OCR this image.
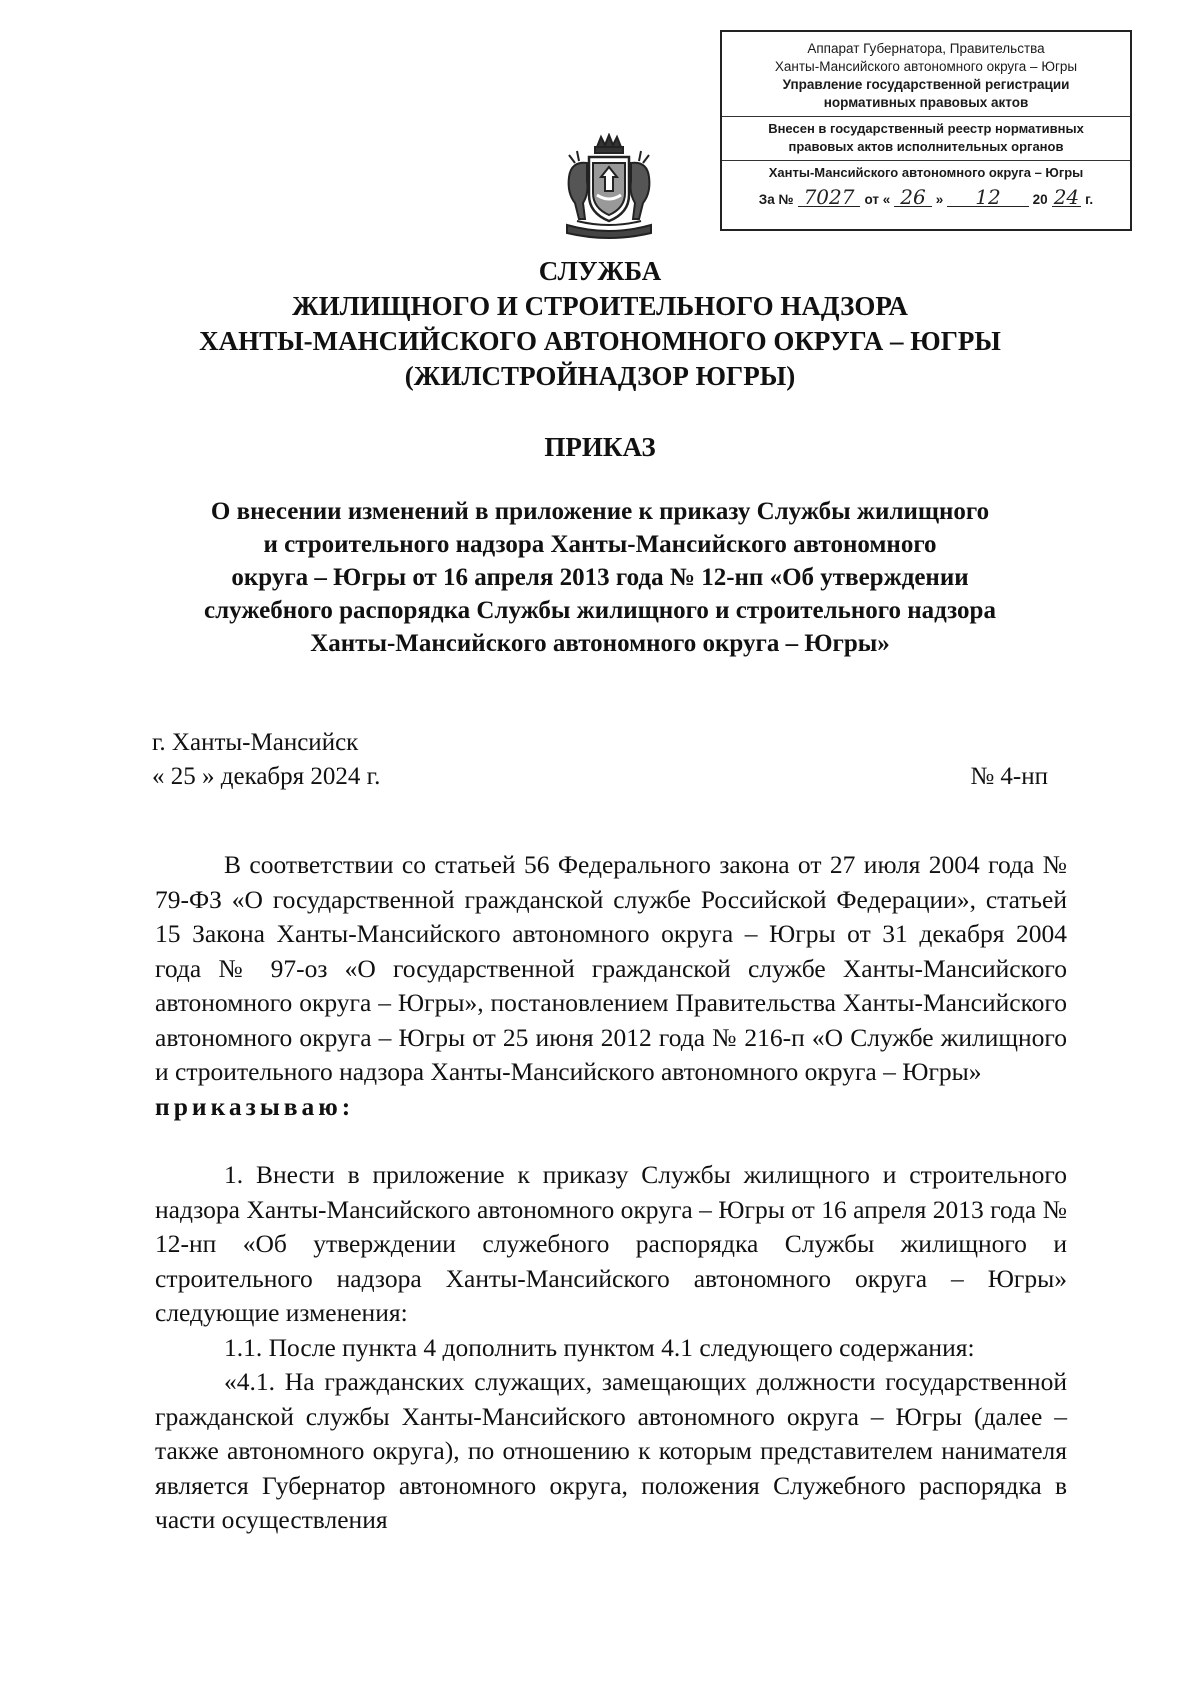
Аппарат Губернатора, Правительства
Ханты-Мансийского автономного округа – Югры
Управление государственной регистрации
нормативных правовых актов
Внесен в государственный реестр нормативных
правовых актов исполнительных органов
Ханты-Мансийского автономного округа – Югры
За № 7027 от « 26 »	12	20 24 г.
СЛУЖБА
ЖИЛИЩНОГО И СТРОИТЕЛЬНОГО НАДЗОРА
ХАНТЫ-МАНСИЙСКОГО АВТОНОМНОГО ОКРУГА – ЮГРЫ
(ЖИЛСТРОЙНАДЗОР ЮГРЫ)
ПРИКАЗ
О внесении изменений в приложение к приказу Службы жилищного
и строительного надзора Ханты-Мансийского автономного
округа – Югры от 16 апреля 2013 года № 12-нп «Об утверждении
служебного распорядка Службы жилищного и строительного надзора
Ханты-Мансийского автономного округа – Югры»
г. Ханты-Мансийск
« 25 » декабря 2024 г.	№ 4-нп

В соответствии со статьей 56 Федерального закона от 27 июля 2004 года № 79-ФЗ «О государственной гражданской службе Российской Федерации», статьей 15 Закона Ханты-Мансийского автономного округа – Югры от 31 декабря 2004 года № 97-оз «О государственной гражданской службе Ханты-Мансийского автономного округа – Югры», постановлением Правительства Ханты-Мансийского автономного округа – Югры от 25 июня 2012 года № 216-п «О Службе жилищного и строительного надзора Ханты-Мансийского автономного округа – Югры»

приказываю:

1. Внести в приложение к приказу Службы жилищного и строительного надзора Ханты-Мансийского автономного округа – Югры от 16 апреля 2013 года № 12-нп «Об утверждении служебного распорядка Службы жилищного и строительного надзора Ханты-Мансийского автономного округа – Югры» следующие изменения:

1.1. После пункта 4 дополнить пунктом 4.1 следующего содержания:

«4.1. На гражданских служащих, замещающих должности государственной гражданской службы Ханты-Мансийского автономного округа – Югры (далее – также автономного округа), по отношению к которым представителем нанимателя является Губернатор автономного округа, положения Служебного распорядка в части осуществления
